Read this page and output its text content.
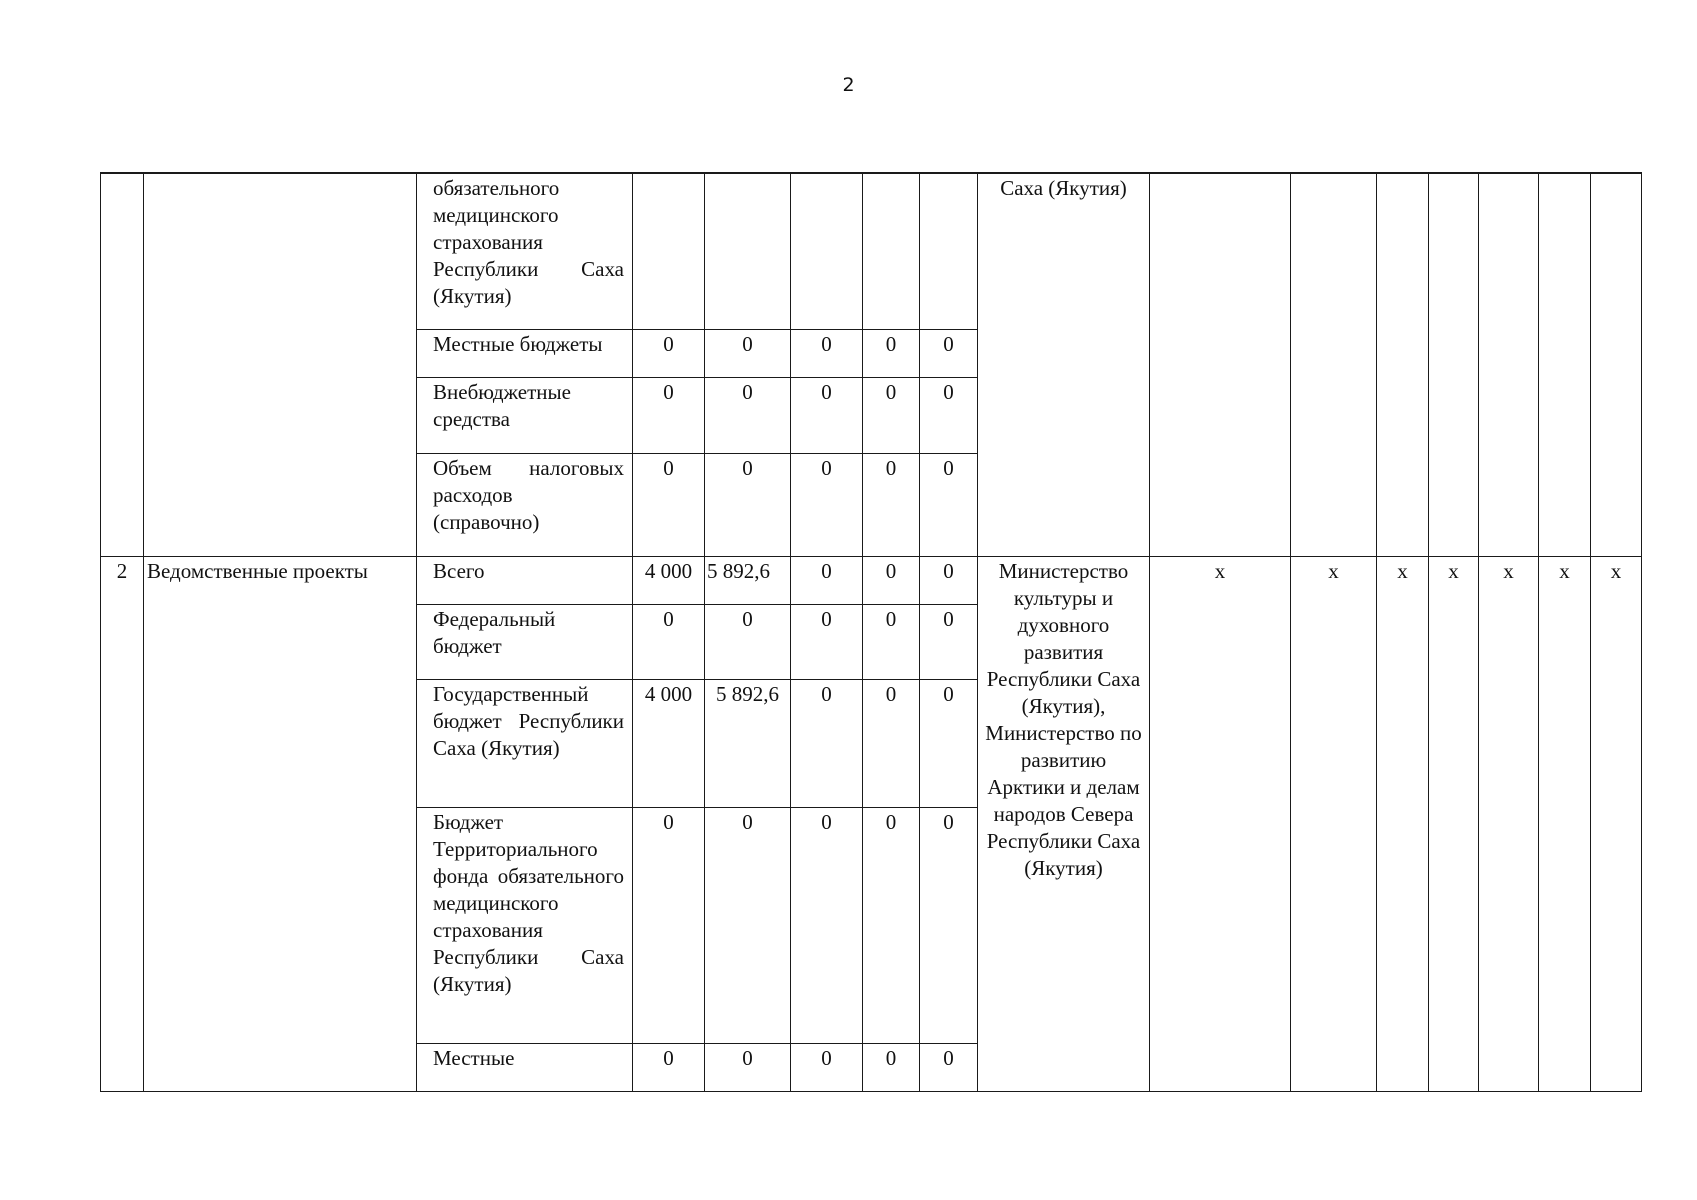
2
		обязательного медицинского страхования Республики Саха (Якутия)						Саха (Якутия)							
		Местные бюджеты	0	0	0	0	0								
		Внебюджетные средства	0	0	0	0	0								
		Объем налоговых расходов (справочно)	0	0	0	0	0								
2	Ведомственные проекты	Всего	4 000	5 892,6	0	0	0	Министерство культуры и духовного развития Республики Саха (Якутия), Министерство по развитию Арктики и делам народов Севера Республики Саха (Якутия)	х	х	х	х	х	х	х
		Федеральный бюджет	0	0	0	0	0								
		Государственный бюджет Республики Саха (Якутия)	4 000	5 892,6	0	0	0								
		Бюджет Территориального фонда обязательного медицинского страхования Республики Саха (Якутия)	0	0	0	0	0								
		Местные	0	0	0	0	0								
